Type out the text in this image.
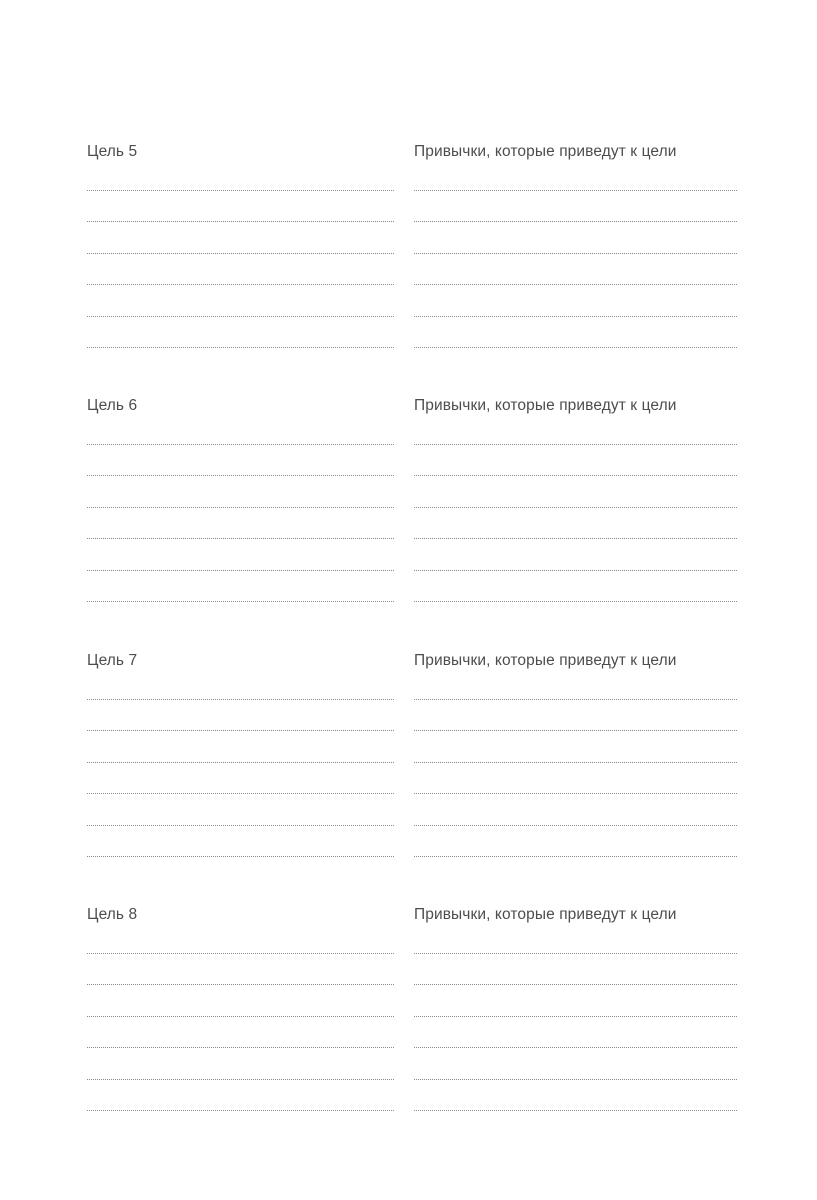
Цель 5	Привычки, которые приведут к цели
Цель 6	Привычки, которые приведут к цели
Цель 7	Привычки, которые приведут к цели
Цель 8	Привычки, которые приведут к цели
